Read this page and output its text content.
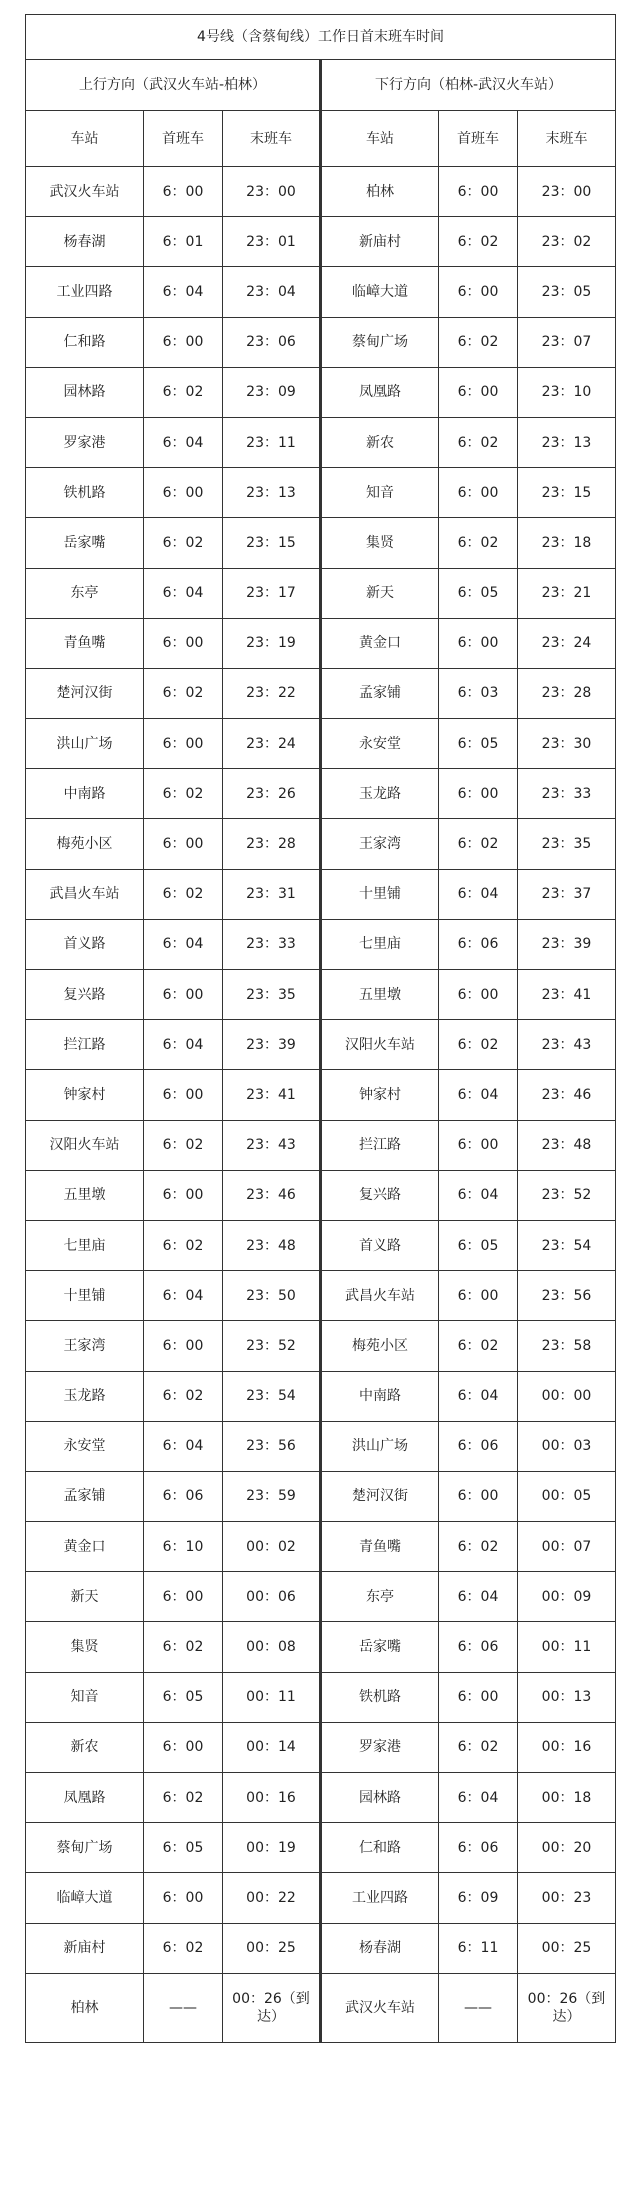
4号线（含蔡甸线）工作日首末班车时间					
上行方向（武汉火车站-柏林）			下行方向（柏林-武汉火车站）		
车站	首班车	末班车	车站	首班车	末班车
武汉火车站	6：00	23：00	柏林	6：00	23：00
杨春湖	6：01	23：01	新庙村	6：02	23：02
工业四路	6：04	23：04	临嶂大道	6：00	23：05
仁和路	6：00	23：06	蔡甸广场	6：02	23：07
园林路	6：02	23：09	凤凰路	6：00	23：10
罗家港	6：04	23：11	新农	6：02	23：13
铁机路	6：00	23：13	知音	6：00	23：15
岳家嘴	6：02	23：15	集贤	6：02	23：18
东亭	6：04	23：17	新天	6：05	23：21
青鱼嘴	6：00	23：19	黄金口	6：00	23：24
楚河汉街	6：02	23：22	孟家铺	6：03	23：28
洪山广场	6：00	23：24	永安堂	6：05	23：30
中南路	6：02	23：26	玉龙路	6：00	23：33
梅苑小区	6：00	23：28	王家湾	6：02	23：35
武昌火车站	6：02	23：31	十里铺	6：04	23：37
首义路	6：04	23：33	七里庙	6：06	23：39
复兴路	6：00	23：35	五里墩	6：00	23：41
拦江路	6：04	23：39	汉阳火车站	6：02	23：43
钟家村	6：00	23：41	钟家村	6：04	23：46
汉阳火车站	6：02	23：43	拦江路	6：00	23：48
五里墩	6：00	23：46	复兴路	6：04	23：52
七里庙	6：02	23：48	首义路	6：05	23：54
十里铺	6：04	23：50	武昌火车站	6：00	23：56
王家湾	6：00	23：52	梅苑小区	6：02	23：58
玉龙路	6：02	23：54	中南路	6：04	00：00
永安堂	6：04	23：56	洪山广场	6：06	00：03
孟家铺	6：06	23：59	楚河汉街	6：00	00：05
黄金口	6：10	00：02	青鱼嘴	6：02	00：07
新天	6：00	00：06	东亭	6：04	00：09
集贤	6：02	00：08	岳家嘴	6：06	00：11
知音	6：05	00：11	铁机路	6：00	00：13
新农	6：00	00：14	罗家港	6：02	00：16
凤凰路	6：02	00：16	园林路	6：04	00：18
蔡甸广场	6：05	00：19	仁和路	6：06	00：20
临嶂大道	6：00	00：22	工业四路	6：09	00：23
新庙村	6：02	00：25	杨春湖	6：11	00：25
柏林	——	00：26（到达）	武汉火车站	——	00：26（到达）
